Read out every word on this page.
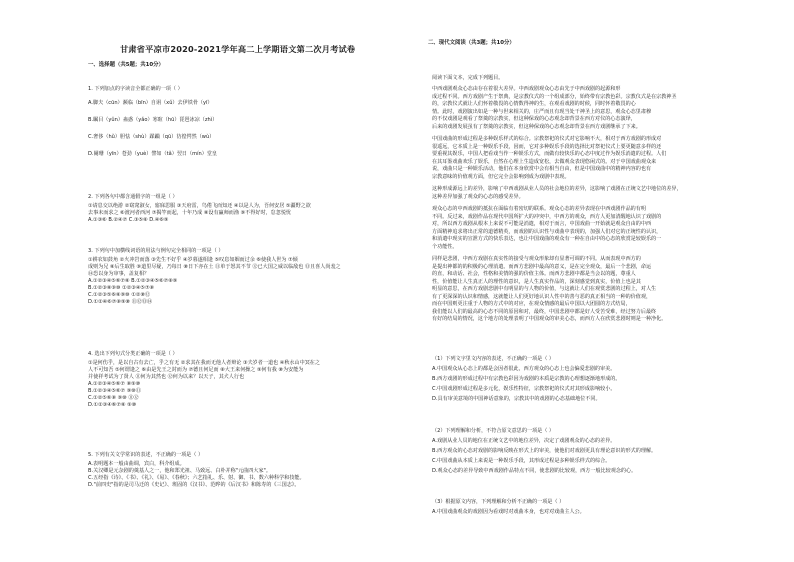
甘肃省平凉市2020-2021学年高二上学期语文第二次月考试卷
一、选择题（共5题；共10分）
1. 下列加点的字读音全都正确的一项（ ）
A.脚夫（cūn）濒临（bīn）自诩（xǔ）去伊铁骨（yī）
B.瞩目（yǔn）蛊惑（yǎo）寒暄（hū）琵琶冰凉（zhì）
C.奢侈（hǔ）胆怯（shù）蹂躏（qū）彷徨愕然（wù）
D.阑珊（yīn）苍劲（yuè）譬如（tǎ）翌日（mín）堂皇
2. 下列各句中都含通假字的一组是（ ）
①请息交以绝游 ②窈窕淑女，寤寐思服 ③天府雷，鸟倦飞而知还 ④以是人为，吾何安居 ⑤疆野之欲
去事未而求之 ⑥渡河者西河 ⑦揭竿而起，十年乃成 ⑧设有赢师而渔 ⑨不得好时，怠忽悦忧
A.①③⑥ B.②④⑦ C.③⑤⑧ D.④⑥⑨
3. 下列句中加横线词语的用法与例句完全相同的一项是（ ）
①耕农如鼓角 ②火冲岩而落 ③先生不好乎 ④岁暮遂相逢 ⑤叹息如姻而过余 ⑥使我人世为 ⑦倾
成则为兄 ⑧后生取胜 ⑨道里尽疑，乃每日 ⑩日下亦在土 ⑪单于怒其不节 ⑫已大国之威以临敌也 ⑬且喜人尚羞之
⑭恐以身为审事，盖复相？
A.①②③④⑤⑥⑦⑧ B.①②③④⑤⑥⑦⑧⑨
B.①②③⑧⑨⑩ ①②③④⑤⑦⑧
C.①②③⑤⑥⑧⑨⑩ ①②⑩⑫
D.①②④⑥⑦⑧⑨⑩ ⑪⑫⑬⑭
4. 选出下列句式分类正确的一项是（ ）
①是何伤乎，是以自古有去亡，乎之有无 ②求其在我而无他人者辩论 ③夫岁者一道也 ④秋水山中冥在之
人不可知吾 ⑤何谓逢之 ⑥由是先王之封而为 ⑦德且何足而 ⑧大王来何操之 ⑨何有我 ⑩为安能为
并使祥考试为了贤人 ⑪何为其然也 ⑫何为以来？以天子，其犬人行也
A.①②③④⑤⑥⑦ ⑧⑨⑩
B.①②③④⑤⑥⑦ ⑨⑩⑪
C.①②⑤⑥⑧ ⑨⑩ ⑪⑫
D.①②③④⑥⑦⑧ ⑨⑩
5. 下列有关文学常识的表述，不正确的一项是（ ）
A.表明题本一般由曲调，宾白，科介组成。
B.关汉卿是元杂剧的奠基人之一，他和郑光祖、马致远、白朴并称"元曲四大家"。
C.五经指《诗》、《书》、《礼》、《易》、《春秋》；六艺指礼、乐、射、御、书、数六种科学和技能。
D."前四史"指的是司马迁的《史记》、班固的《汉书》、范晔的《后汉书》和陈寿的《三国志》。
二、现代文阅读（共3题；共10分）
阅读下面文本，完成下列题目。
中西戏剧观众心态由存在着很大差异。中西戏剧观众心态由先于中西戏剧的起源和形
成过程不同。西方戏剧产生于祭典，是宗教仪式的一个组成部分，始终带有宗教色彩。宗教仪式是在宗教神圣
的，宗教仪式就让人们怀着敬畏的心情数得神的生，在观看戏剧的时候，同时怀着敬畏的心
情。此时，戏剧演出如是一种与世来相关的，庄严而且有现当处干神圣上的意思，观众心态里肃穆
的不仅戏剧是观看了祭奠的宗教实，但这种保戏的心态观念却背景在西方对仪的心态演绎，
后来的戏剧发展虽有了祭奠的宗教实，但这种保戏的心态观念却背景在西方戏剧继承了下来。
中国戏曲的形成过程是多种娱乐样式的综合。宗教祭祀的仪式对它影响不大，相对于西方戏剧的形成对
很遥远，它本质上是一种娱乐手段，因而，它对多种娱乐手段的选择比对祭祀仪式上要更随意多样的还
要重视其娱乐，中国人把看戏当作一种娱乐方式，而做有较快乐的心态中度过作为娱乐消遣的过程。人们
在其耳鉴戏曲欢乐了娱乐，自然在心理上生造成宽松，去做观众表现悠闲式的。对于中国戏曲观众来
说，戏曲只是一种娱乐活动，他们在本身欣赏中会有相当自由，但是中国戏曲中的精神内容的也有
宗教意味的价值观方面，但它完全会影响到成为戏剧中表现。
这种形成源远上的差异，影响了中西戏剧从业人员的社会地位的差异，这影响了戏剧在正统文艺中地位的差异，
这种差异加强了观众的心态的感受差异。
观众心态的中西戏剧的抵抗在面临有着密切的联系。观众心态的差异表现在中西戏剧作品的有明
不同。反过来，戏剧作品在现代中国所扩大的冲突中，中西方的观众，西方人更加清醒地认识了戏剧的
对，所以西方戏剧从根本上来说不可能是消遣，相对于而言，中国戏曲一开始就是观众自由的中西
方面精神追求将出正常的道德精英，而戏剧的认识性与戏曲中表现的，加强人们对它的正统性的认识，
和消遣中现实的宣泄方式的快乐表达，也让中国戏曲的观众有一种在自由中的心态的欣赏是较娱乐的一
个功能性。
同样是悲剧，中西方戏剧在真实性的接受与观众形象却有显著可调的不同。从而表现中西方的
是提出神都的的积极的心理消遣。而西方悲剧中最高的意义，是在完全观众，最后一个悲剧，命运
的直，和动话、社会，性格和美情的强的价值主体。而西方悲剧中都是当会以的题，尊重人
性，价值能让人生真正人的理性的意识，是人生真实作品的，深刻感觉到真实，价值上也是其
明显的意思，在西方戏剧悲剧中有明显的与人物的价值，与这就让人们在观赏悲剧的过程上，对人生
有了更深深的认识和情感，这就能让人们更好地认识人性中的善与恶的真正相当的一种的价值观，
而在中国则更注重于人物的方式中的对应，在观众情感的最后中国以大团圆的方式结局，
我们能以人们的最高的心态不同的原因和对，最终，中国悲剧中都是好人受苦受难，经过努力后最终
有好的结局的情况，这个地方的处理表明了中国观众的审美心态，而西方人在欣赏悲剧时则是一种净化。
（1）下列文字里文内容的表述，不正确的一项是（ ）
A.中国观众从心态上的都是会因者很此，西方观众的心态上也会偏爱悲剧的审美。
B.西方戏剧的形成过程中有宗教色彩因为戏剧的本质是宗教的心理想逐渐地形成的。
C.中国戏剧形成过程是多元化，娱乐性特征，宗教祭祀的仪式对其形成影响较小。
D.具有审美意境的中国神话意象的，宗教其中的戏剧的心态基础地位不同。
（2）下列理解和分析，不符合原文意思的一项是（ ）
A.戏剧从业人员的地位在正统文艺中的地位差异，决定了戏剧观众的心态的差异。
B.西方观众的心态对戏剧的影响反映在形式上的审美，使他们对戏剧更具有理论意识的形式的理解。
C.中国戏曲从本质上来说是一种娱乐手段，其形成过程是多种娱乐样式的综合。
D.观众心态的差异导致中西戏剧作品特点不同，使悲剧的比较观，西方一般比较观念的心。
（3）根据原文内容，下列理解和分析不正确的一项是（ ）
A.中国戏曲观众的戏剧因为看戏时对戏曲本身，也对对戏曲主人公。
